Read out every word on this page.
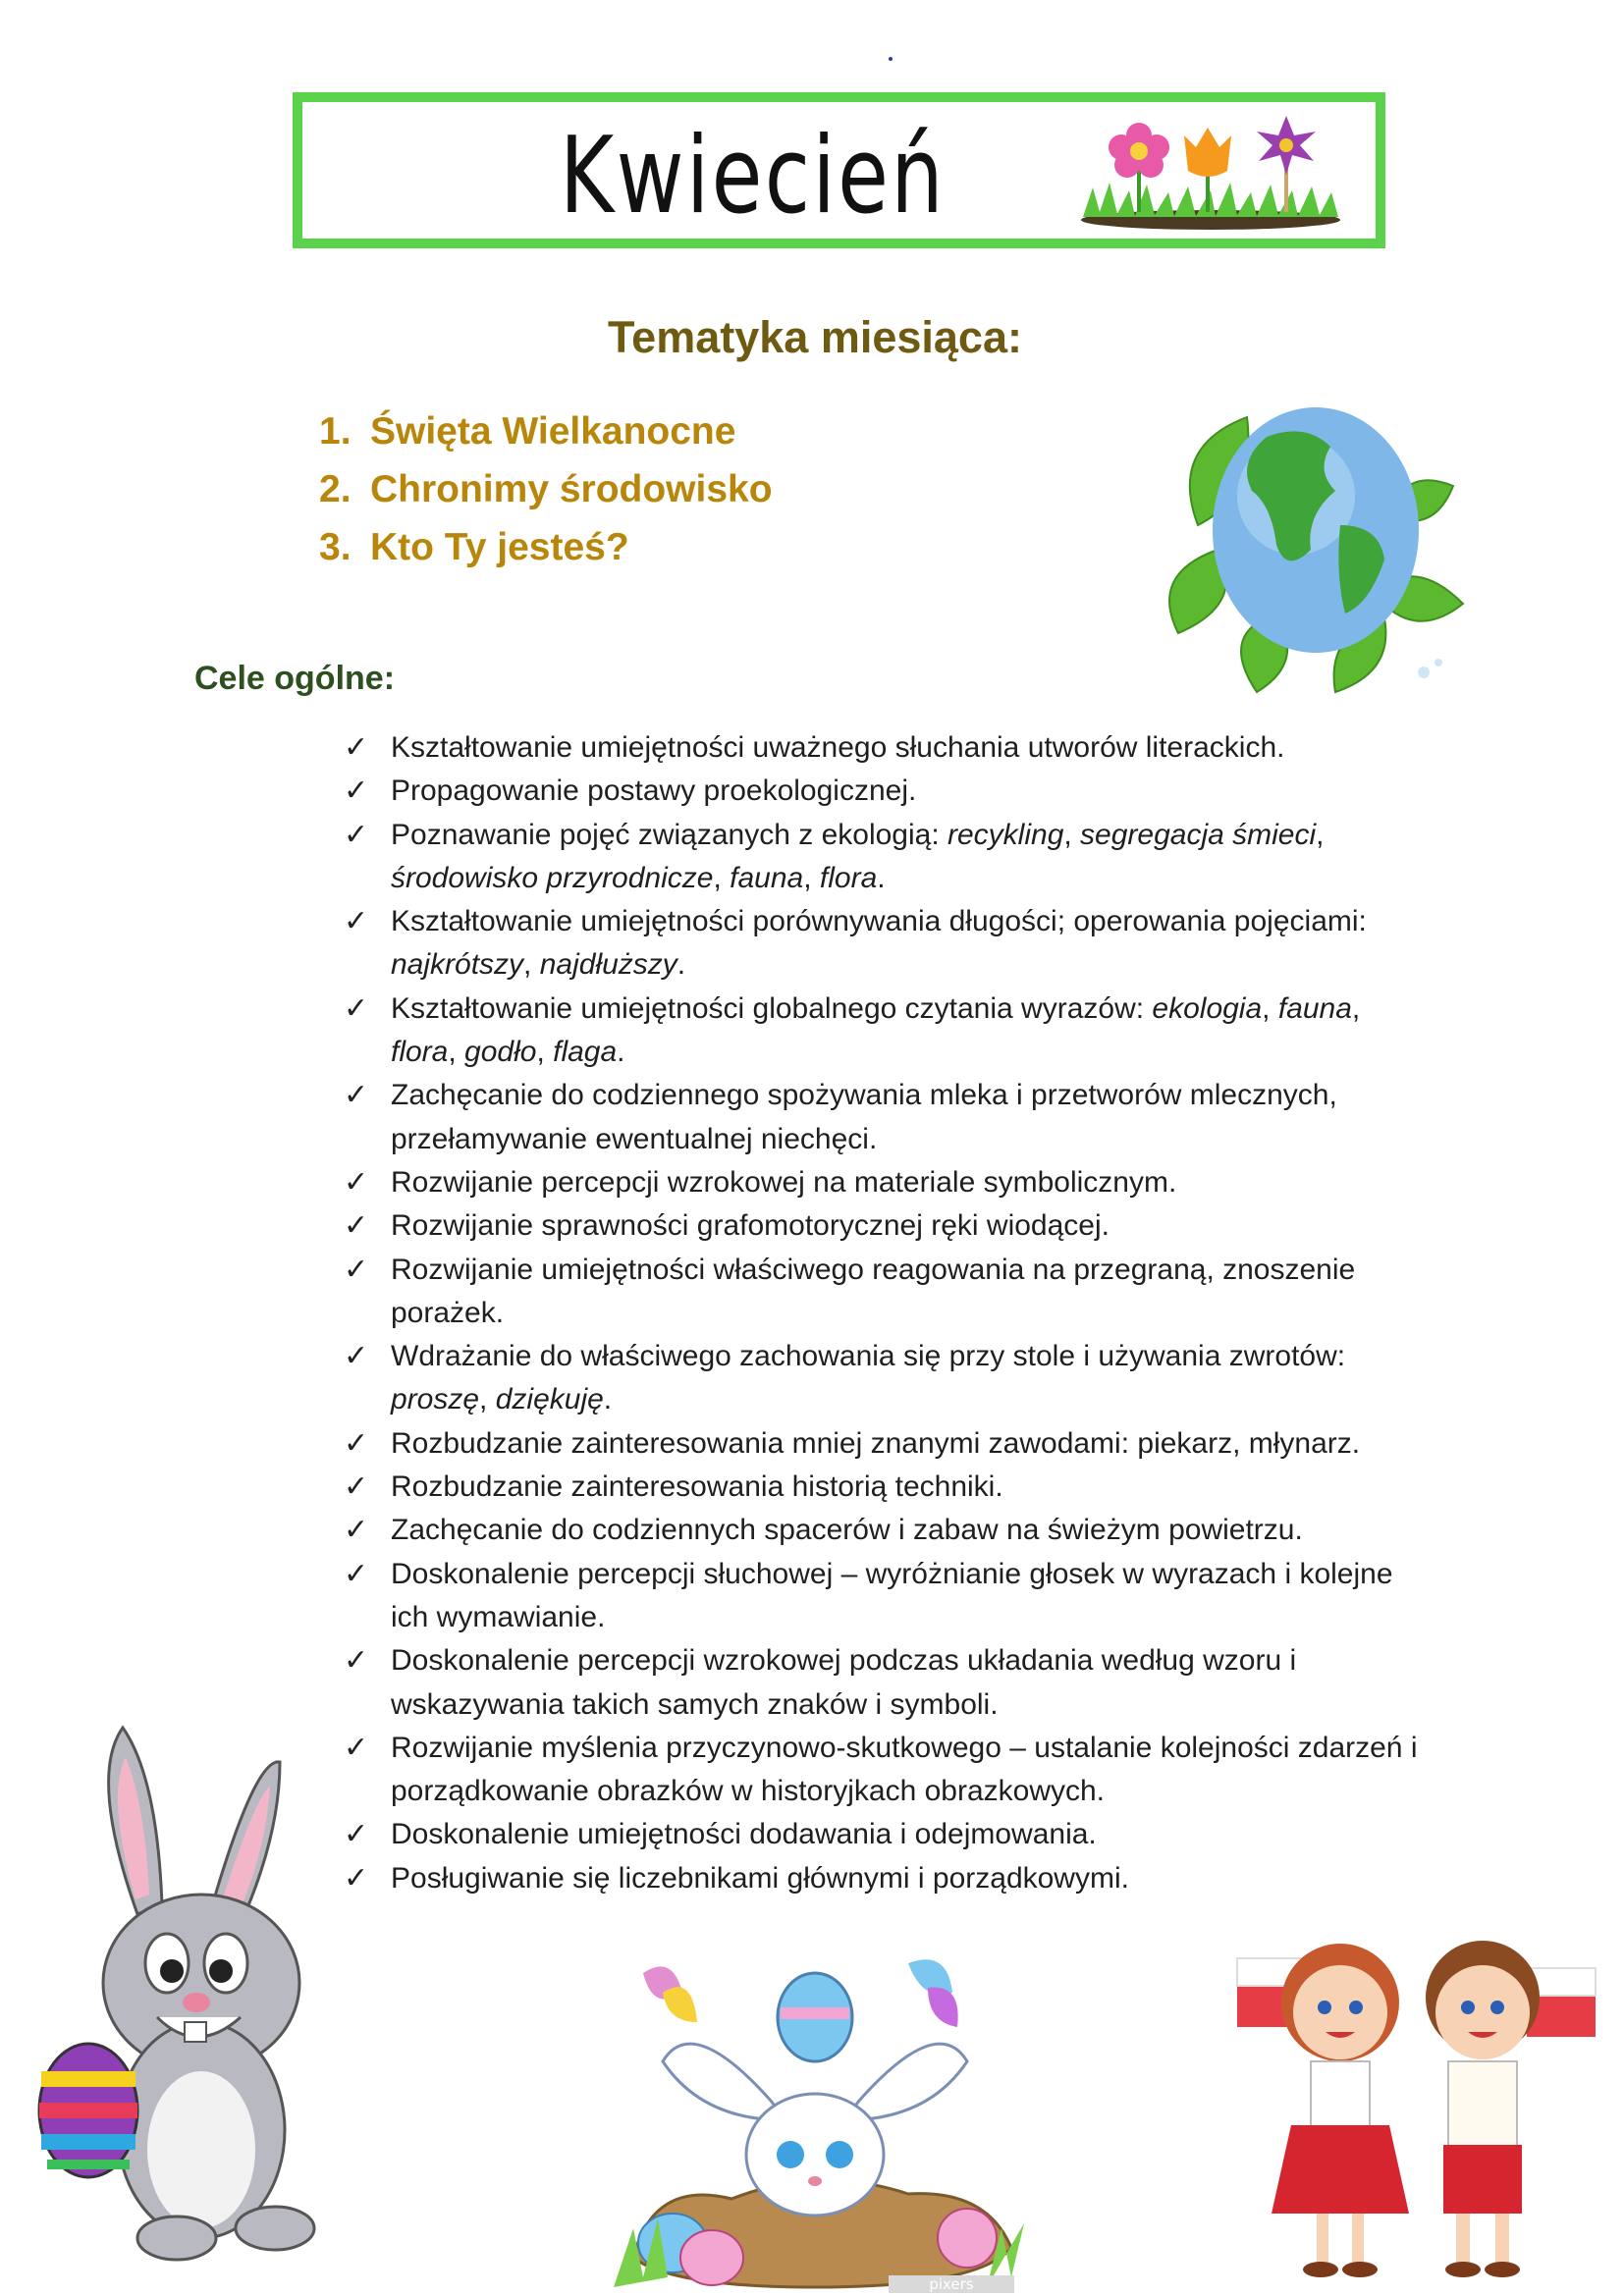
Kwiecień
Tematyka miesiąca:
1. Święta Wielkanocne
2. Chronimy środowisko
3. Kto Ty jesteś?
Cele ogólne:
✓ Kształtowanie umiejętności uważnego słuchania utworów literackich.
✓ Propagowanie postawy proekologicznej.
✓ Poznawanie pojęć związanych z ekologią: recykling, segregacja śmieci, środowisko przyrodnicze, fauna, flora.
✓ Kształtowanie umiejętności porównywania długości; operowania pojęciami: najkrótszy, najdłuższy.
✓ Kształtowanie umiejętności globalnego czytania wyrazów: ekologia, fauna, flora, godło, flaga.
✓ Zachęcanie do codziennego spożywania mleka i przetworów mlecznych, przełamywanie ewentualnej niechęci.
✓ Rozwijanie percepcji wzrokowej na materiale symbolicznym.
✓ Rozwijanie sprawności grafomotorycznej ręki wiodącej.
✓ Rozwijanie umiejętności właściwego reagowania na przegraną, znoszenie porażek.
✓ Wdrażanie do właściwego zachowania się przy stole i używania zwrotów: proszę, dziękuję.
✓ Rozbudzanie zainteresowania mniej znanymi zawodami: piekarz, młynarz.
✓ Rozbudzanie zainteresowania historią techniki.
✓ Zachęcanie do codziennych spacerów i zabaw na świeżym powietrzu.
✓ Doskonalenie percepcji słuchowej – wyróżnianie głosek w wyrazach i kolejne ich wymawianie.
✓ Doskonalenie percepcji wzrokowej podczas układania według wzoru i wskazywania takich samych znaków i symboli.
✓ Rozwijanie myślenia przyczynowo-skutkowego – ustalanie kolejności zdarzeń i porządkowanie obrazków w historyjkach obrazkowych.
✓ Doskonalenie umiejętności dodawania i odejmowania.
✓ Posługiwanie się liczebnikami głównymi i porządkowymi.
pixers
